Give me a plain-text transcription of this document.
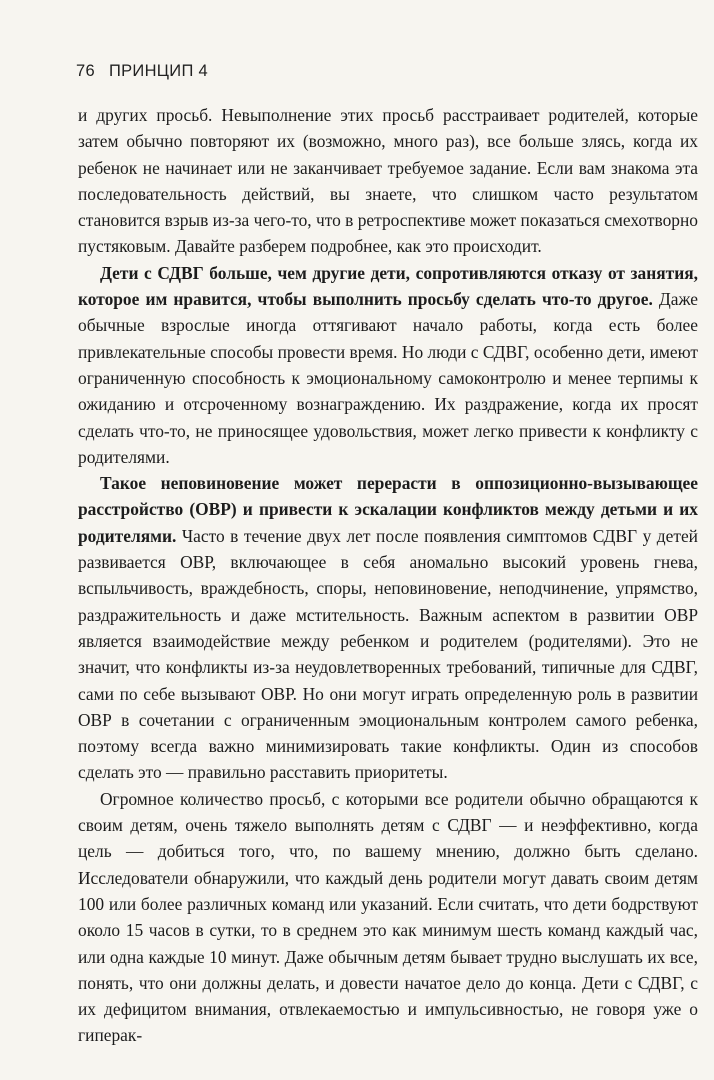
76 ПРИНЦИП 4

и других просьб. Невыполнение этих просьб расстраивает родителей, которые затем обычно повторяют их (возможно, много раз), все больше злясь, когда их ребенок не начинает или не заканчивает требуемое задание. Если вам знакома эта последовательность действий, вы знаете, что слишком часто результатом становится взрыв из-за чего-то, что в ретроспективе может показаться смехотворно пустяковым. Давайте разберем подробнее, как это происходит.

Дети с СДВГ больше, чем другие дети, сопротивляются отказу от занятия, которое им нравится, чтобы выполнить просьбу сделать что-то другое. Даже обычные взрослые иногда оттягивают начало работы, когда есть более привлекательные способы провести время. Но люди с СДВГ, особенно дети, имеют ограниченную способность к эмоциональному самоконтролю и менее терпимы к ожиданию и отсроченному вознаграждению. Их раздражение, когда их просят сделать что-то, не приносящее удовольствия, может легко привести к конфликту с родителями.

Такое неповиновение может перерасти в оппозиционно-вызывающее расстройство (ОВР) и привести к эскалации конфликтов между детьми и их родителями. Часто в течение двух лет после появления симптомов СДВГ у детей развивается ОВР, включающее в себя аномально высокий уровень гнева, вспыльчивость, враждебность, споры, неповиновение, неподчинение, упрямство, раздражительность и даже мстительность. Важным аспектом в развитии ОВР является взаимодействие между ребенком и родителем (родителями). Это не значит, что конфликты из-за неудовлетворенных требований, типичные для СДВГ, сами по себе вызывают ОВР. Но они могут играть определенную роль в развитии ОВР в сочетании с ограниченным эмоциональным контролем самого ребенка, поэтому всегда важно минимизировать такие конфликты. Один из способов сделать это — правильно расставить приоритеты.

Огромное количество просьб, с которыми все родители обычно обращаются к своим детям, очень тяжело выполнять детям с СДВГ — и неэффективно, когда цель — добиться того, что, по вашему мнению, должно быть сделано. Исследователи обнаружили, что каждый день родители могут давать своим детям 100 или более различных команд или указаний. Если считать, что дети бодрствуют около 15 часов в сутки, то в среднем это как минимум шесть команд каждый час, или одна каждые 10 минут. Даже обычным детям бывает трудно выслушать их все, понять, что они должны делать, и довести начатое дело до конца. Дети с СДВГ, с их дефицитом внимания, отвлекаемостью и импульсивностью, не говоря уже о гиперак-
